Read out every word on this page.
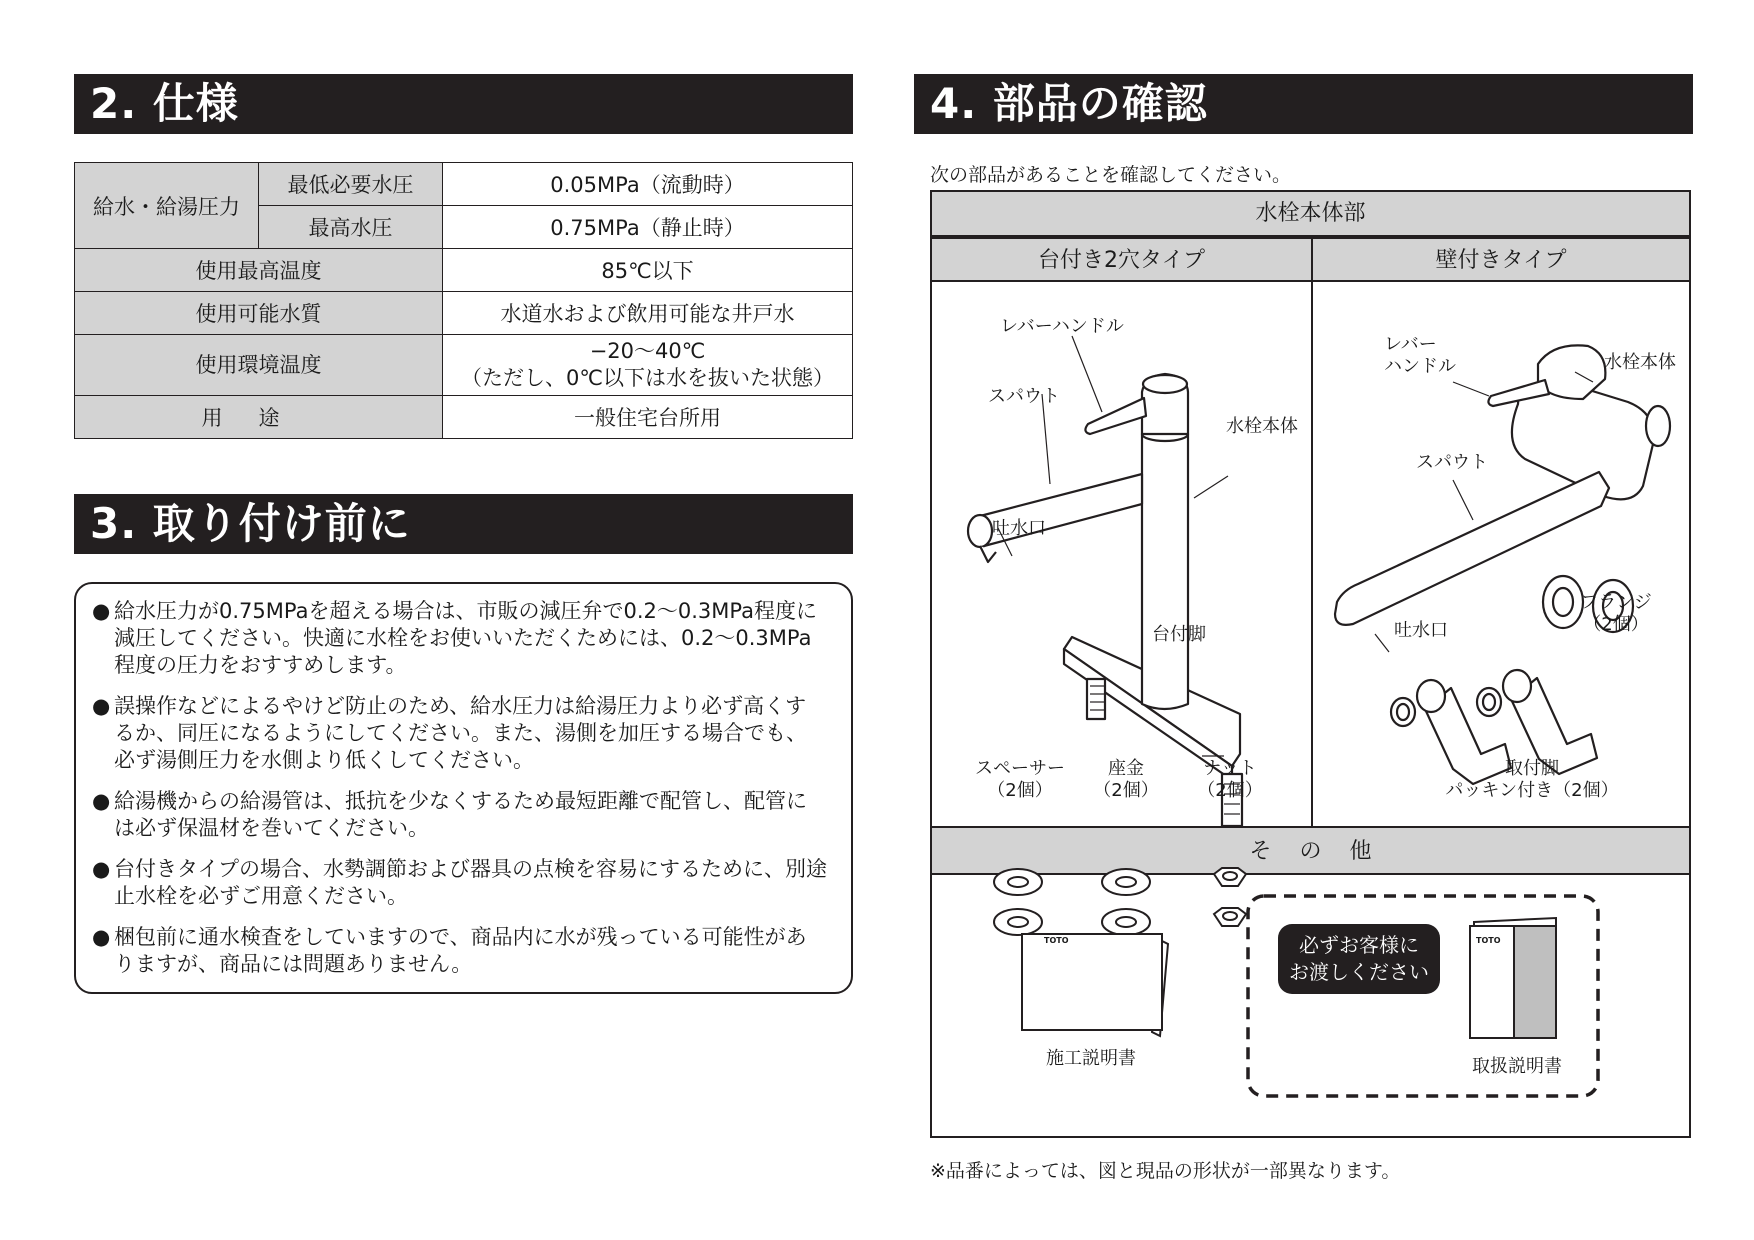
2. 仕様
3. 取り付け前に
4. 部品の確認
給水・給湯圧力	最低必要水圧	0.05MPa（流動時）
	最高水圧	0.75MPa（静止時）
使用最高温度		85℃以下
使用可能水質		水道水および飲用可能な井戸水
使用環境温度		−20〜40℃
（ただし、0℃以下は水を抜いた状態）

用途		一般住宅台所用
● 給水圧力が0.75MPaを超える場合は、市販の減圧弁で0.2〜0.3MPa程度に減圧してください。快適に水栓をお使いいただくためには、0.2〜0.3MPa程度の圧力をおすすめします。
● 誤操作などによるやけど防止のため、給水圧力は給湯圧力より必ず高くするか、同圧になるようにしてください。また、湯側を加圧する場合でも、必ず湯側圧力を水側より低くしてください。
● 給湯機からの給湯管は、抵抗を少なくするため最短距離で配管し、配管には必ず保温材を巻いてください。
● 台付きタイプの場合、水勢調節および器具の点検を容易にするために、別途止水栓を必ずご用意ください。
● 梱包前に通水検査をしていますので、商品内に水が残っている可能性がありますが、商品には問題ありません。
次の部品があることを確認してください。
水栓本体部
台付き2穴タイプ	壁付きタイプ
その他
レバーハンドル
スパウト
水栓本体
吐水口
台付脚
スペーサー
（2個）
座金
（2個）
ナット
（2個）
レバー
ハンドル	水栓本体
スパウト
吐水口
フランジ
（2個）
取付脚
パッキン付き（2個）
TOTO
施工説明書
必ずお客様に
お渡しください
TOTO
取扱説明書
※品番によっては、図と現品の形状が一部異なります。
